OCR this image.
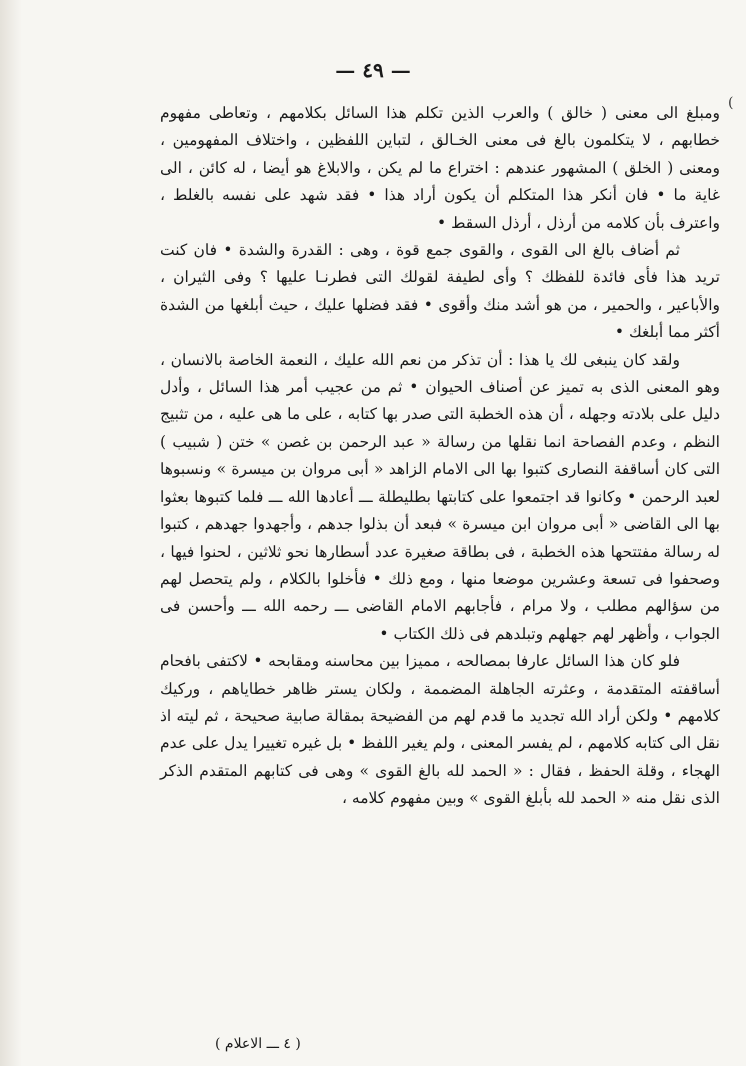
— ٤٩ —
(

ومبلغ الى معنى ( خالق ) والعرب الذين تكلم هذا السائل بكلامهم ، وتعاطى مفهوم خطابهم ، لا يتكلمون بالغ فى معنى الخـالق ، لتباين اللفظين ، واختلاف المفهومين ، ومعنى ( الخلق ) المشهور عندهم : اختراع ما لم يكن ، والابلاغ هو أيضا ، له كائن ، الى غاية ما • فان أنكر هذا المتكلم أن يكون أراد هذا • فقد شهد على نفسه بالغلط ، واعترف بأن كلامه من أرذل ، أرذل السقط •

ثم أضاف بالغ الى القوى ، والقوى جمع قوة ، وهى : القدرة والشدة • فان كنت تريد هذا فأى فائدة للفظك ؟ وأى لطيفة لقولك التى فطرنـا عليها ؟ وفى الثيران ، والأباعير ، والحمير ، من هو أشد منك وأقوى • فقد فضلها عليك ، حيث أبلغها من الشدة أكثر مما أبلغك •

ولقد كان ينبغى لك يا هذا : أن تذكر من نعم الله عليك ، النعمة الخاصة بالانسان ، وهو المعنى الذى به تميز عن أصناف الحيوان • ثم من عجيب أمر هذا السائل ، وأدل دليل على بلادته وجهله ، أن هذه الخطبة التى صدر بها كتابه ، على ما هى عليه ، من تثبيج النظم ، وعدم الفصاحة انما نقلها من رسالة « عبد الرحمن بن غصن » ختن ( شبيب ) التى كان أساقفة النصارى كتبوا بها الى الامام الزاهد « أبى مروان بن ميسرة » ونسبوها لعبد الرحمن • وكانوا قد اجتمعوا على كتابتها بطليطلة ـــ أعادها الله ـــ فلما كتبوها بعثوا بها الى القاضى « أبى مروان ابن ميسرة » فبعد أن بذلوا جدهم ، وأجهدوا جهدهم ، كتبوا له رسالة مفتتحها هذه الخطبة ، فى بطاقة صغيرة عدد أسطارها نحو ثلاثين ، لحنوا فيها ، وصحفوا فى تسعة وعشرين موضعا منها ، ومع ذلك • فأخلوا بالكلام ، ولم يتحصل لهم من سؤالهم مطلب ، ولا مرام ، فأجابهم الامام القاضى ـــ رحمه الله ـــ وأحسن فى الجواب ، وأظهر لهم جهلهم وتبلدهم فى ذلك الكتاب •

فلو كان هذا السائل عارفا بمصالحه ، مميزا بين محاسنه ومقابحه • لاكتفى بافحام أساقفته المتقدمة ، وعثرته الجاهلة المضممة ، ولكان يستر ظاهر خطاياهم ، وركيك كلامهم • ولكن أراد الله تجديد ما قدم لهم من الفضيحة بمقالة صابية صحيحة ، ثم ليته اذ نقل الى كتابه كلامهم ، لم يفسر المعنى ، ولم يغير اللفظ • بل غيره تغييرا يدل على عدم الهجاء ، وقلة الحفظ ، فقال : « الحمد لله بالغ القوى » وهى فى كتابهم المتقدم الذكر الذى نقل منه « الحمد لله بأبلغ القوى » وبين مفهوم كلامه ،

( ٤ ـــ الاعلام )
